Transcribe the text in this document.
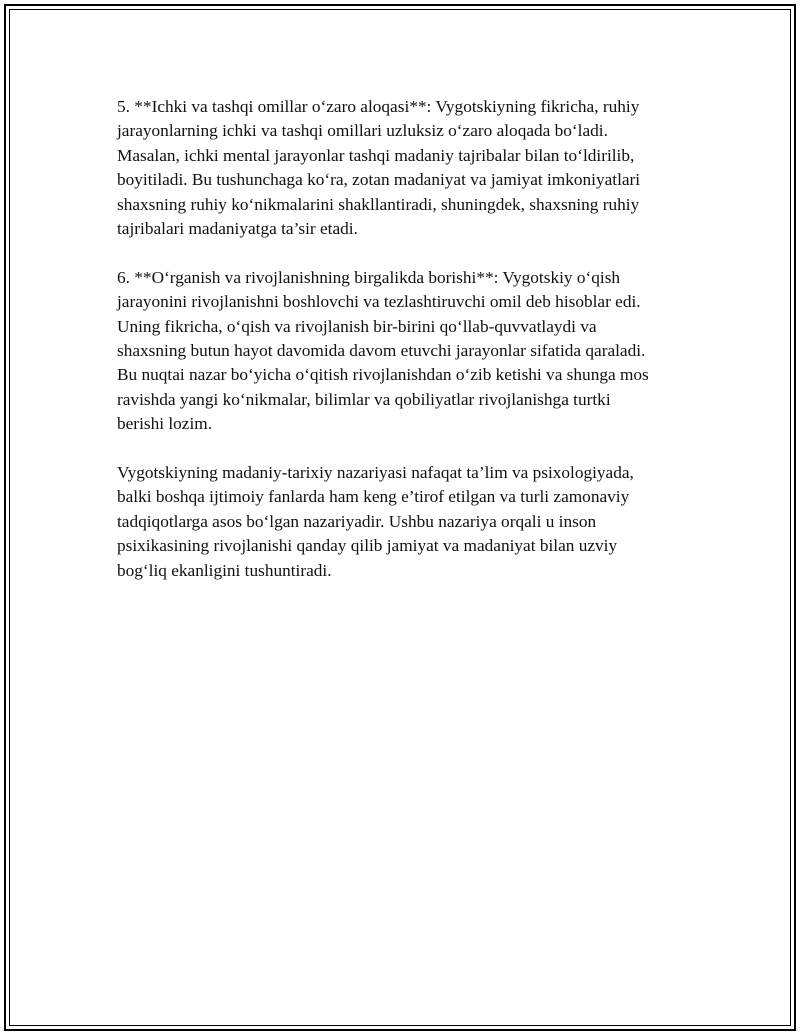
5. **Ichki va tashqi omillar o‘zaro aloqasi**: Vygotskiyning fikricha, ruhiy
jarayonlarning ichki va tashqi omillari uzluksiz o‘zaro aloqada bo‘ladi.
Masalan, ichki mental jarayonlar tashqi madaniy tajribalar bilan to‘ldirilib,
boyitiladi. Bu tushunchaga ko‘ra, zotan madaniyat va jamiyat imkoniyatlari
shaxsning ruhiy ko‘nikmalarini shakllantiradi, shuningdek, shaxsning ruhiy
tajribalari madaniyatga ta’sir etadi.

6. **O‘rganish va rivojlanishning birgalikda borishi**: Vygotskiy o‘qish
jarayonini rivojlanishni boshlovchi va tezlashtiruvchi omil deb hisoblar edi.
Uning fikricha, o‘qish va rivojlanish bir-birini qo‘llab-quvvatlaydi va
shaxsning butun hayot davomida davom etuvchi jarayonlar sifatida qaraladi.
Bu nuqtai nazar bo‘yicha o‘qitish rivojlanishdan o‘zib ketishi va shunga mos
ravishda yangi ko‘nikmalar, bilimlar va qobiliyatlar rivojlanishga turtki
berishi lozim.

Vygotskiyning madaniy-tarixiy nazariyasi nafaqat ta’lim va psixologiyada,
balki boshqa ijtimoiy fanlarda ham keng e’tirof etilgan va turli zamonaviy
tadqiqotlarga asos bo‘lgan nazariyadir. Ushbu nazariya orqali u inson
psixikasining rivojlanishi qanday qilib jamiyat va madaniyat bilan uzviy
bog‘liq ekanligini tushuntiradi.
